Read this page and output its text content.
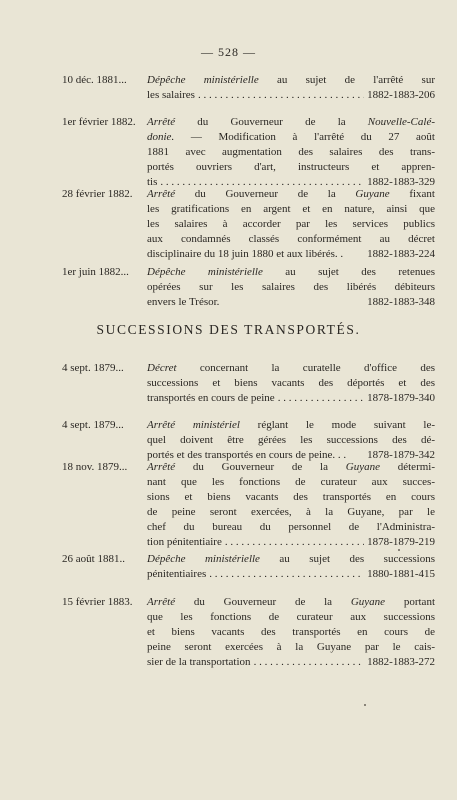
— 528 —
10 déc. 1881... Dépêche ministérielle au sujet de l'arrêté sur
les salaires . . .	1882-1883-206
1er février 1882. Arrêté du Gouverneur de la Nouvelle-Calé-
donie. — Modification à l'arrêté du 27 août
1881 avec augmentation des salaires des trans-
portés ouvriers d'art, instructeurs et appren-
tis . . .	1882-1883-329
28 février 1882. Arrêté du Gouverneur de la Guyane fixant
les gratifications en argent et en nature, ainsi que
les salaires à accorder par les services publics
aux condamnés classés conformément au décret
disciplinaire du 18 juin 1880 et aux libérés. . 1882-1883-224
1er juin 1882... Dépêche ministérielle au sujet des retenues
opérées sur les salaires des libérés débiteurs
envers le Trésor.	1882-1883-348
SUCCESSIONS DES TRANSPORTÉS.
4 sept. 1879... Décret concernant la curatelle d'office des
successions et biens vacants des déportés et des
transportés en cours de peine . . .	1878-1879-340
4 sept. 1879... Arrêté ministériel réglant le mode suivant le-
quel doivent être gérées les successions des dé-
portés et des transportés en cours de peine. . . 1878-1879-342
18 nov. 1879... Arrêté du Gouverneur de la Guyane détermi-
nant que les fonctions de curateur aux succes-
sions et biens vacants des transportés en cours
de peine seront exercées, à la Guyane, par le
chef du bureau du personnel de l'Administra-
tion pénitentiaire . . .	1878-1879-219
26 août 1881.. Dépêche ministérielle au sujet des successions
pénitentiaires . . .	1880-1881-415
15 février 1883. Arrêté du Gouverneur de la Guyane portant
que les fonctions de curateur aux successions
et biens vacants des transportés en cours de
peine seront exercées à la Guyane par le cais-
sier de la transportation . . .	1882-1883-272
